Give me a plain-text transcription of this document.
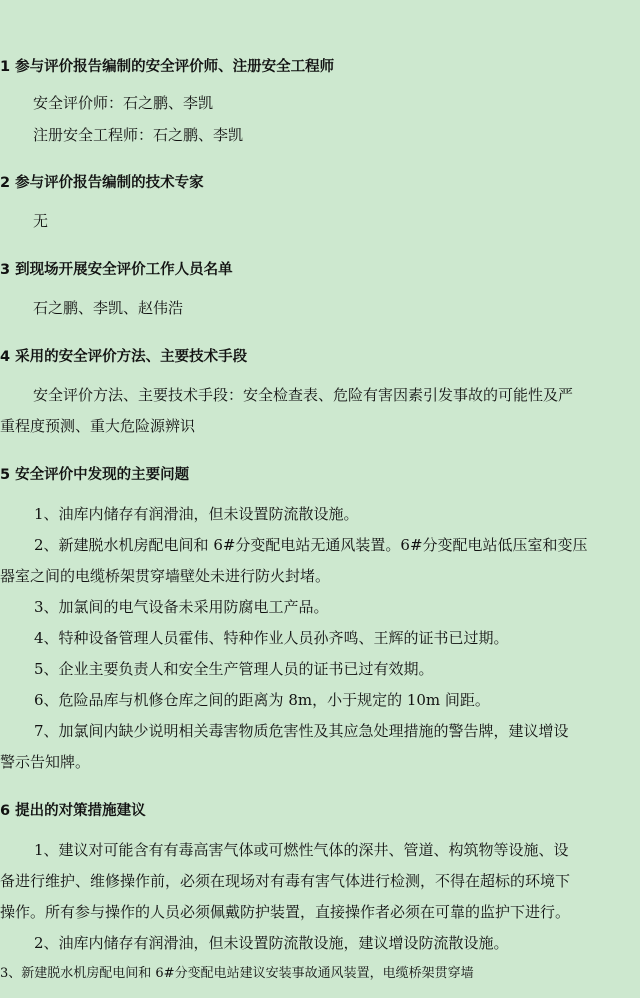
1 参与评价报告编制的安全评价师、注册安全工程师
安全评价师：石之鹏、李凯
注册安全工程师：石之鹏、李凯
2 参与评价报告编制的技术专家
无
3 到现场开展安全评价工作人员名单
石之鹏、李凯、赵伟浩
4 采用的安全评价方法、主要技术手段
安全评价方法、主要技术手段：安全检查表、危险有害因素引发事故的可能性及严
重程度预测、重大危险源辨识
5 安全评价中发现的主要问题
1、油库内储存有润滑油，但未设置防流散设施。
2、新建脱水机房配电间和 6#分变配电站无通风装置。6#分变配电站低压室和变压
器室之间的电缆桥架贯穿墙壁处未进行防火封堵。
3、加氯间的电气设备未采用防腐电工产品。
4、特种设备管理人员霍伟、特种作业人员孙齐鸣、王辉的证书已过期。
5、企业主要负责人和安全生产管理人员的证书已过有效期。
6、危险品库与机修仓库之间的距离为 8m，小于规定的 10m 间距。
7、加氯间内缺少说明相关毒害物质危害性及其应急处理措施的警告牌，建议增设
警示告知牌。
6 提出的对策措施建议
1、建议对可能含有有毒高害气体或可燃性气体的深井、管道、构筑物等设施、设
备进行维护、维修操作前，必须在现场对有毒有害气体进行检测，不得在超标的环境下
操作。所有参与操作的人员必须佩戴防护装置，直接操作者必须在可靠的监护下进行。
2、油库内储存有润滑油，但未设置防流散设施，建议增设防流散设施。
3、新建脱水机房配电间和 6#分变配电站建议安装事故通风装置，电缆桥架贯穿墙
